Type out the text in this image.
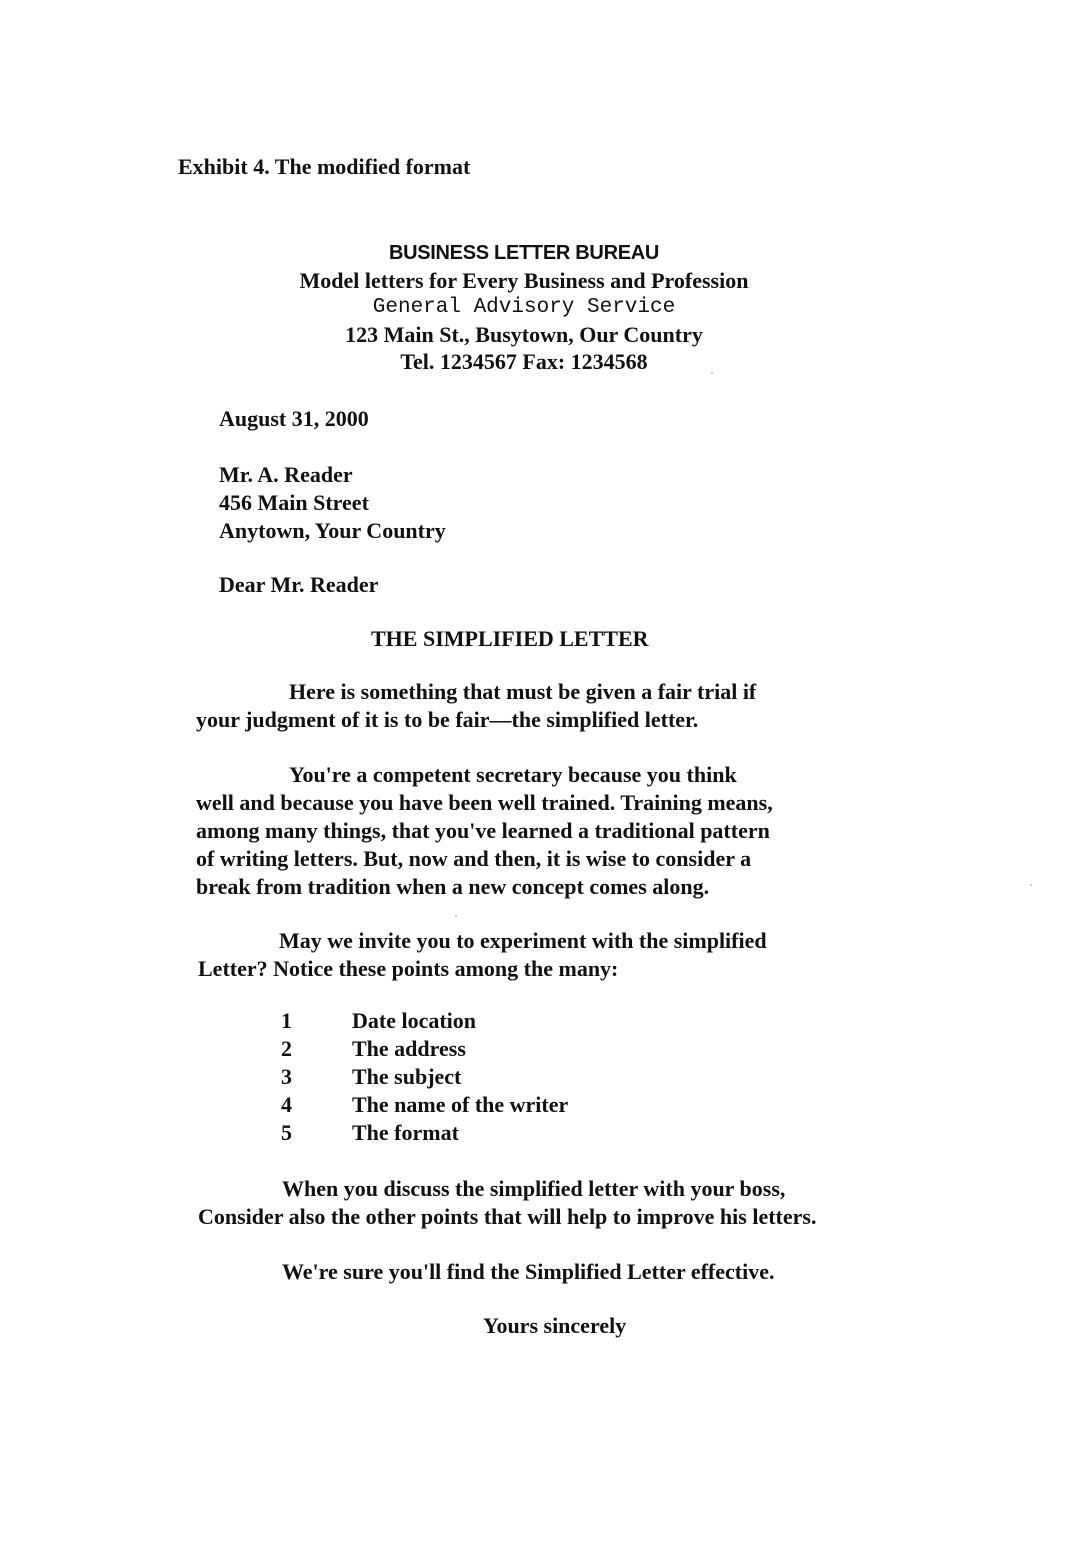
Exhibit 4. The modified format
BUSINESS LETTER BUREAU
Model letters for Every Business and Profession
General Advisory Service
123 Main St., Busytown, Our Country
Tel. 1234567 Fax: 1234568
August 31, 2000
Mr. A. Reader
456 Main Street
Anytown, Your Country
Dear Mr. Reader
THE SIMPLIFIED LETTER
Here is something that must be given a fair trial if
your judgment of it is to be fair—the simplified letter.
You're a competent secretary because you think
well and because you have been well trained. Training means,
among many things, that you've learned a traditional pattern
of writing letters. But, now and then, it is wise to consider a
break from tradition when a new concept comes along.
May we invite you to experiment with the simplified
Letter? Notice these points among the many:
1	Date location
2	The address
3	The subject
4	The name of the writer
5	The format
When you discuss the simplified letter with your boss,
Consider also the other points that will help to improve his letters.
We're sure you'll find the Simplified Letter effective.
Yours sincerely
